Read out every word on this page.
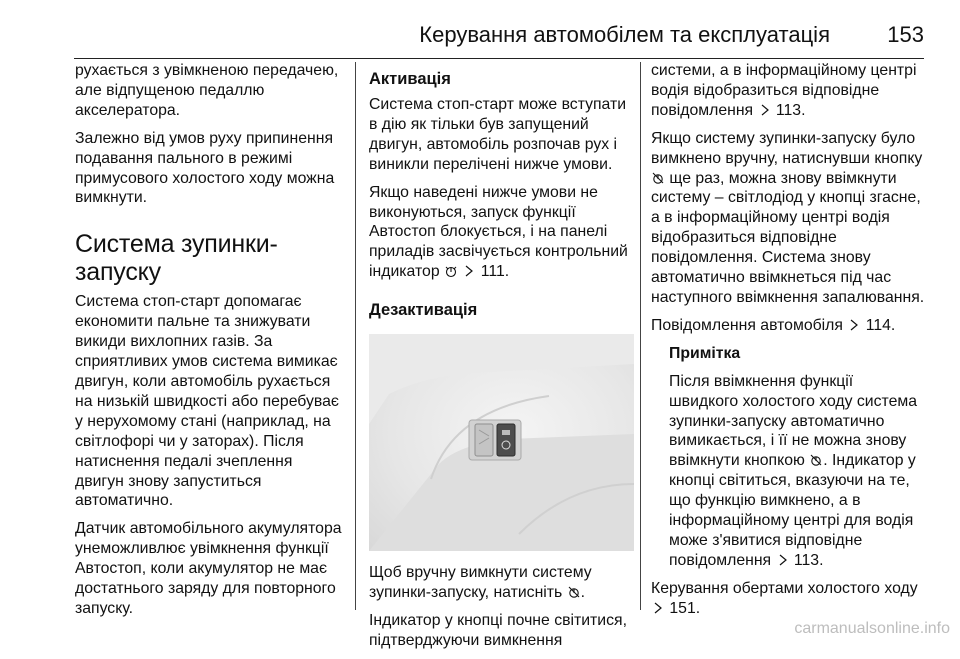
Керування автомобілем та експлуатація	153

рухається з увімкненою передачею, але відпущеною педаллю акселератора.

Залежно від умов руху припинення подавання пального в режимі примусового холостого ходу можна вимкнути.

Система зупинки-запуску

Система стоп-старт допомагає економити пальне та знижувати викиди вихлопних газів. За сприятливих умов система вимикає двигун, коли автомобіль рухається на низькій швидкості або перебуває у нерухомому стані (наприклад, на світлофорі чи у заторах). Після натиснення педалі зчеплення двигун знову запуститься автоматично.

Датчик автомобільного акумулятора унеможливлює увімкнення функції Автостоп, коли акумулятор не має достатнього заряду для повторного запуску.

Активація

Система стоп-старт може вступати в дію як тільки був запущений двигун, автомобіль розпочав рух і виникли перелічені нижче умови.

Якщо наведені нижче умови не виконуються, запуск функції Автостоп блокується, і на панелі приладів засвічується контрольний індикатор	111.

Дезактивація

Щоб вручну вимкнути систему зупинки-запуску, натисніть .

Індикатор у кнопці почне світитися, підтверджуючи вимкнення

системи, а в інформаційному центрі водія відобразиться відповідне повідомлення 113.

Якщо систему зупинки-запуску було вимкнено вручну, натиснувши кнопку  ще раз, можна знову ввімкнути систему – світлодіод у кнопці згасне, а в інформаційному центрі водія відобразиться відповідне повідомлення. Система знову автоматично ввімкнеться під час наступного ввімкнення запалювання.

Повідомлення автомобіля 114.

Примітка

Після ввімкнення функції швидкого холостого ходу система зупинки-запуску автоматично вимикається, і її не можна знову ввімкнути кнопкою . Індикатор у кнопці світиться, вказуючи на те, що функцію вимкнено, а в інформаційному центрі для водія може з'явитися відповідне повідомлення 113.

Керування обертами холостого ходу  151.

carmanualsonline.info
